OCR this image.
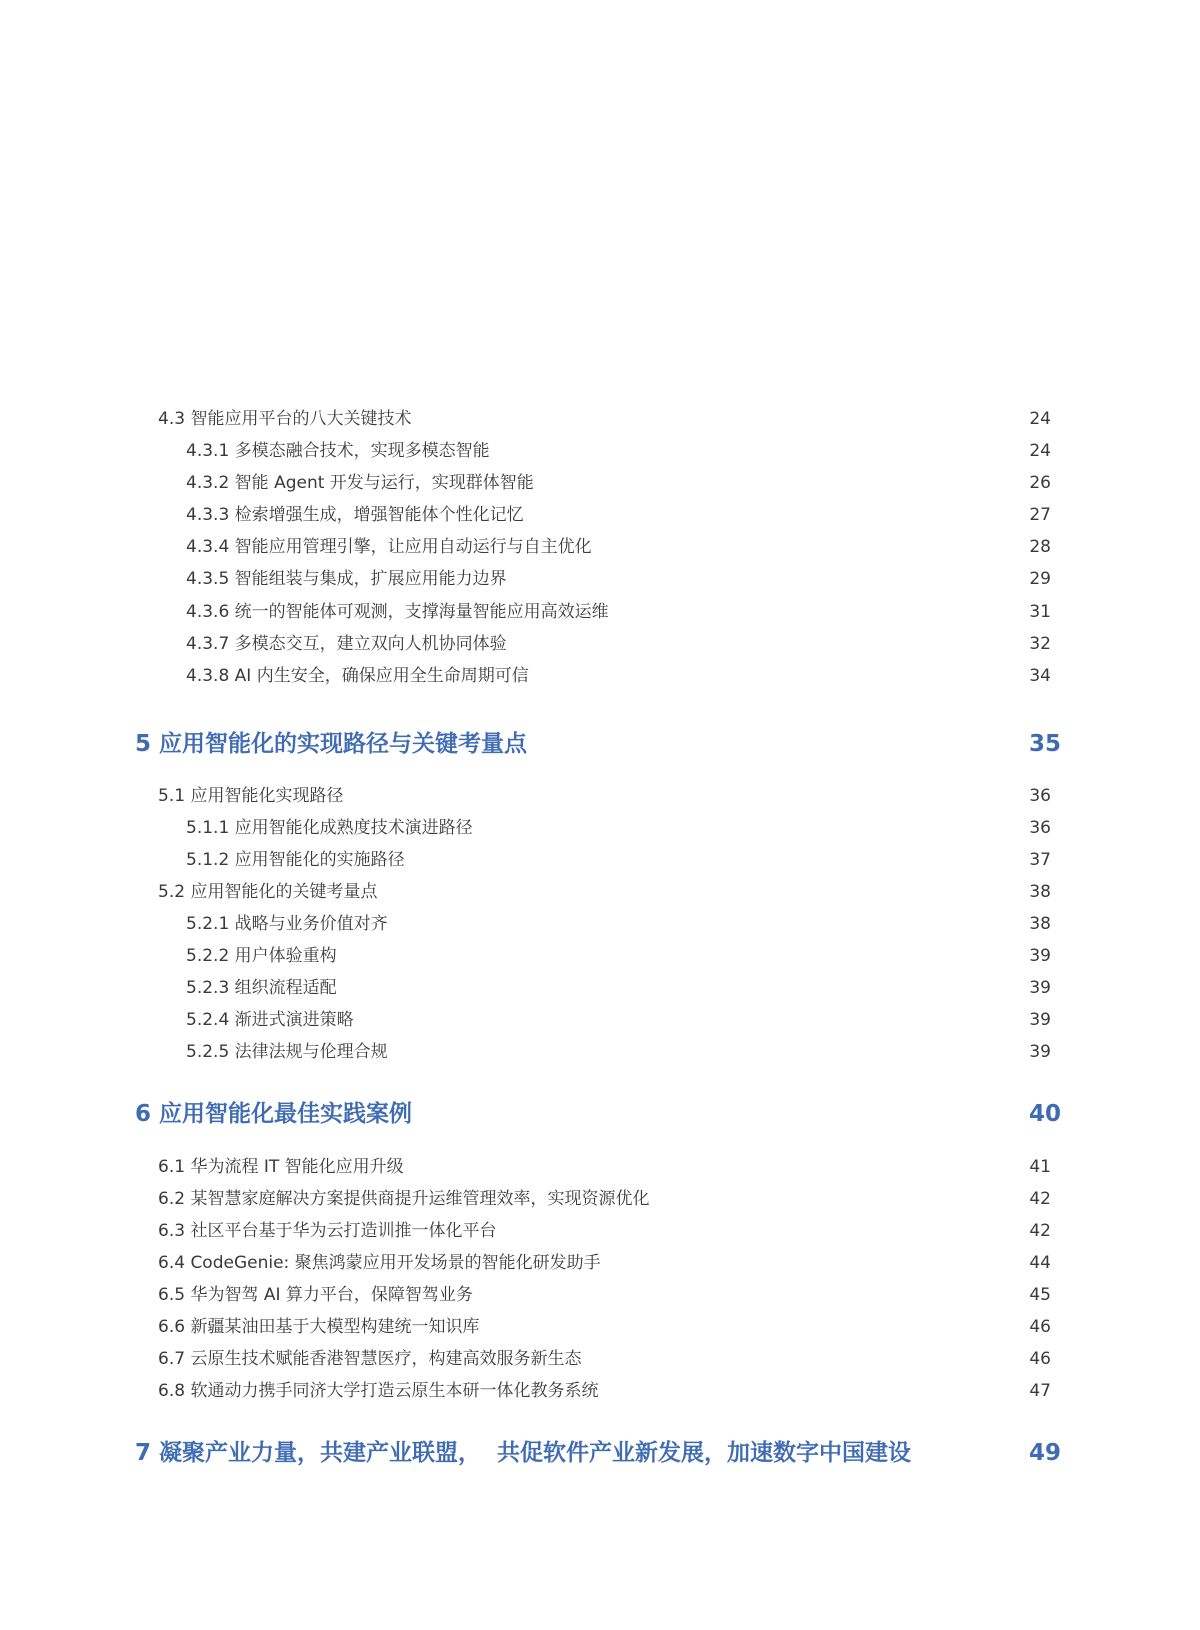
4.3 智能应用平台的八大关键技术	24
4.3.1 多模态融合技术，实现多模态智能	24
4.3.2 智能 Agent 开发与运行，实现群体智能	26
4.3.3 检索增强生成，增强智能体个性化记忆	27
4.3.4 智能应用管理引擎，让应用自动运行与自主优化	28
4.3.5 智能组装与集成，扩展应用能力边界	29
4.3.6 统一的智能体可观测，支撑海量智能应用高效运维	31
4.3.7 多模态交互，建立双向人机协同体验	32
4.3.8 AI 内生安全，确保应用全生命周期可信	34
5 应用智能化的实现路径与关键考量点	35
5.1 应用智能化实现路径	36
5.1.1 应用智能化成熟度技术演进路径	36
5.1.2 应用智能化的实施路径	37
5.2 应用智能化的关键考量点	38
5.2.1 战略与业务价值对齐	38
5.2.2 用户体验重构	39
5.2.3 组织流程适配	39
5.2.4 渐进式演进策略	39
5.2.5 法律法规与伦理合规	39
6 应用智能化最佳实践案例	40
6.1 华为流程 IT 智能化应用升级	41
6.2 某智慧家庭解决方案提供商提升运维管理效率，实现资源优化	42
6.3 社区平台基于华为云打造训推一体化平台	42
6.4 CodeGenie: 聚焦鸿蒙应用开发场景的智能化研发助手	44
6.5 华为智驾 AI 算力平台，保障智驾业务	45
6.6 新疆某油田基于大模型构建统一知识库	46
6.7 云原生技术赋能香港智慧医疗，构建高效服务新生态	46
6.8 软通动力携手同济大学打造云原生本研一体化教务系统	47
7 凝聚产业力量，共建产业联盟，  共促软件产业新发展，加速数字中国建设	49
